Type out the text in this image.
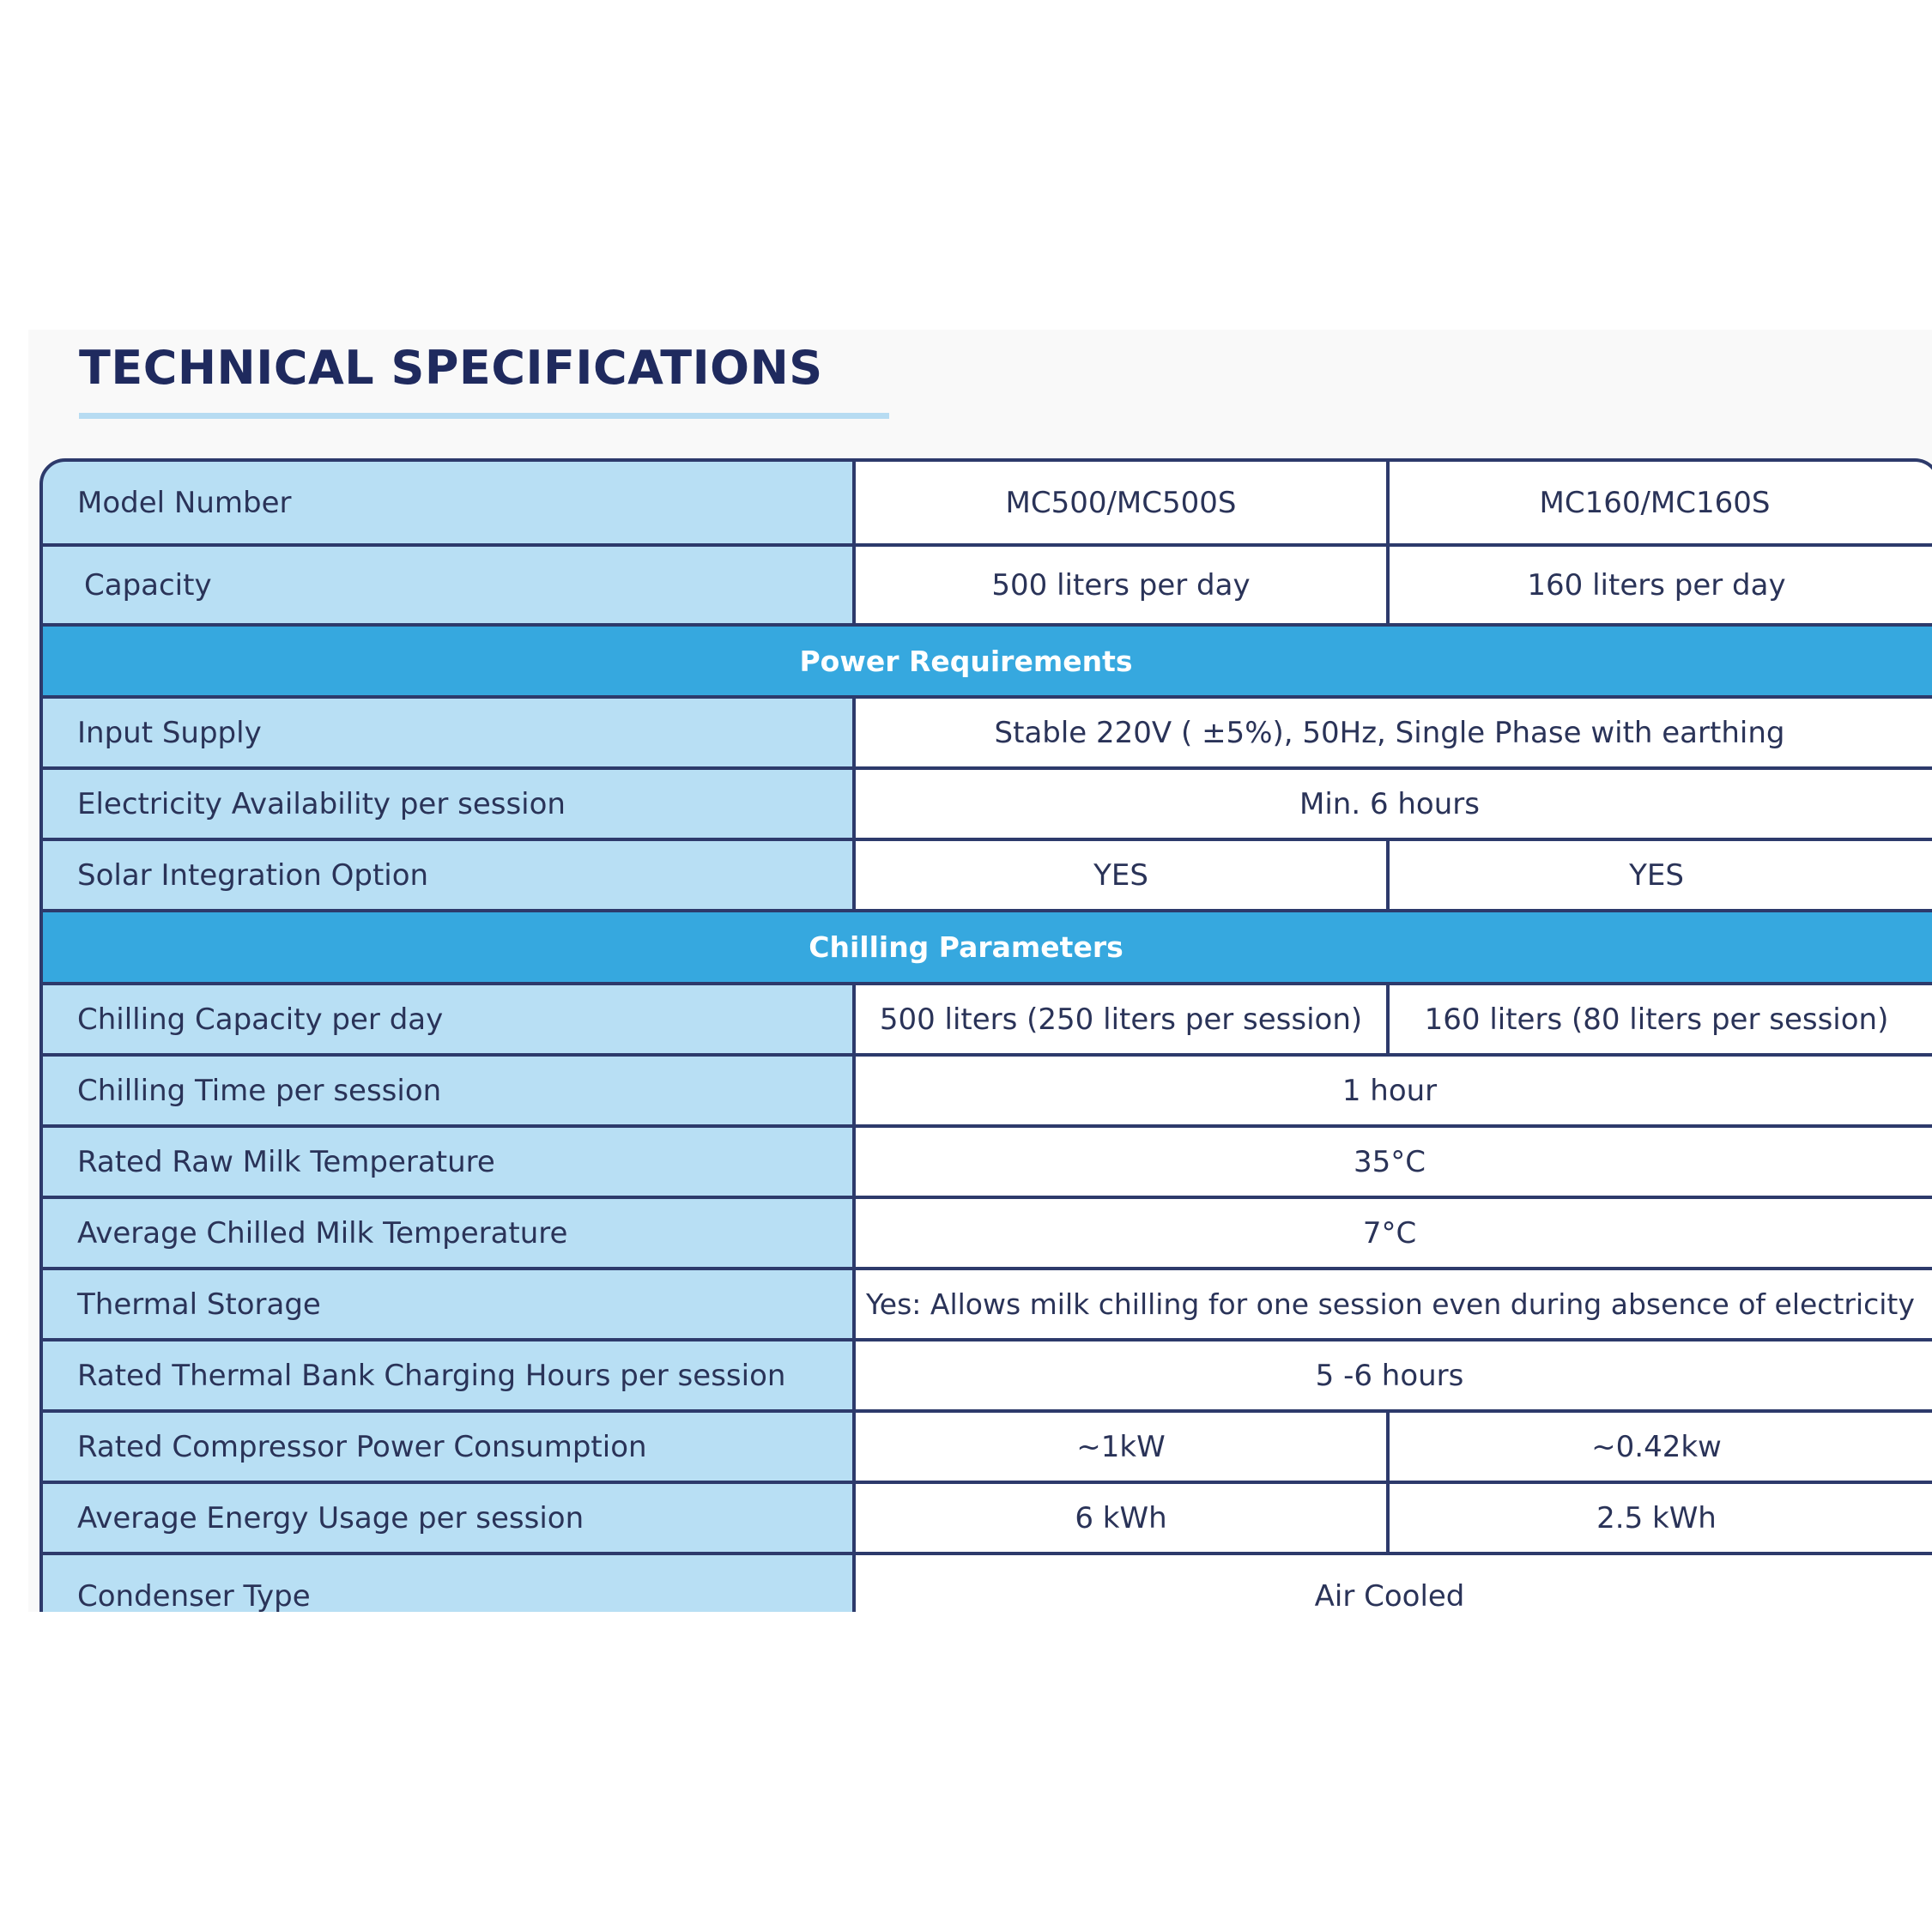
TECHNICAL SPECIFICATIONS
Model Number	MC500/MC500S	MC160/MC160S
Capacity	500 liters per day	160 liters per day
Power Requirements
Input Supply	Stable 220V ( ±5%), 50Hz, Single Phase with earthing
Electricity Availability per session	Min. 6 hours
Solar Integration Option	YES	YES
Chilling Parameters
Chilling Capacity per day	500 liters (250 liters per session)	160 liters (80 liters per session)
Chilling Time per session	1 hour
Rated Raw Milk Temperature	35°C
Average Chilled Milk Temperature	7°C
Thermal Storage	Yes: Allows milk chilling for one session even during absence of electricity
Rated Thermal Bank Charging Hours per session	5 -6 hours
Rated Compressor Power Consumption	~1kW	~0.42kw
Average Energy Usage per session	6 kWh	2.5 kWh
Condenser Type	Air Cooled
